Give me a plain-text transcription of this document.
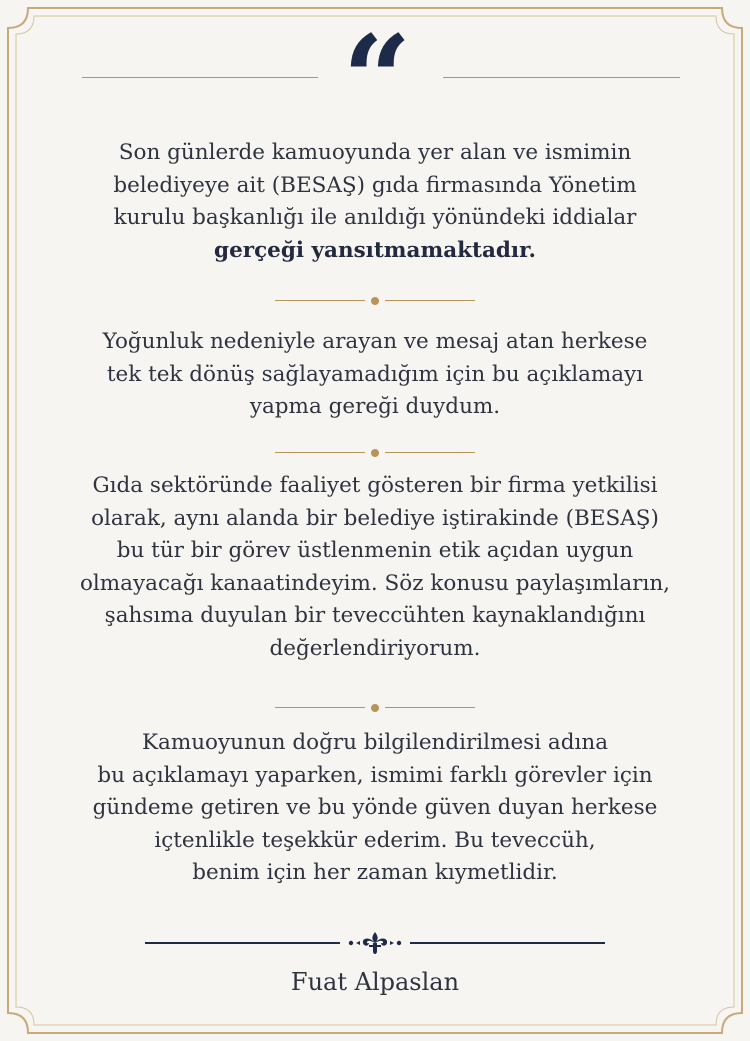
“
Son günlerde kamuoyunda yer alan ve ismimin
belediyeye ait (BESAŞ) gıda firmasında Yönetim
kurulu başkanlığı ile anıldığı yönündeki iddialar
gerçeği yansıtmamaktadır.
Yoğunluk nedeniyle arayan ve mesaj atan herkese
tek tek dönüş sağlayamadığım için bu açıklamayı
yapma gereği duydum.
Gıda sektöründe faaliyet gösteren bir firma yetkilisi
olarak, aynı alanda bir belediye iştirakinde (BESAŞ)
bu tür bir görev üstlenmenin etik açıdan uygun
olmayacağı kanaatindeyim. Söz konusu paylaşımların,
şahsıma duyulan bir teveccühten kaynaklandığını
değerlendiriyorum.
Kamuoyunun doğru bilgilendirilmesi adına
bu açıklamayı yaparken, ismimi farklı görevler için
gündeme getiren ve bu yönde güven duyan herkese
içtenlikle teşekkür ederim. Bu teveccüh,
benim için her zaman kıymetlidir.
Fuat Alpaslan
